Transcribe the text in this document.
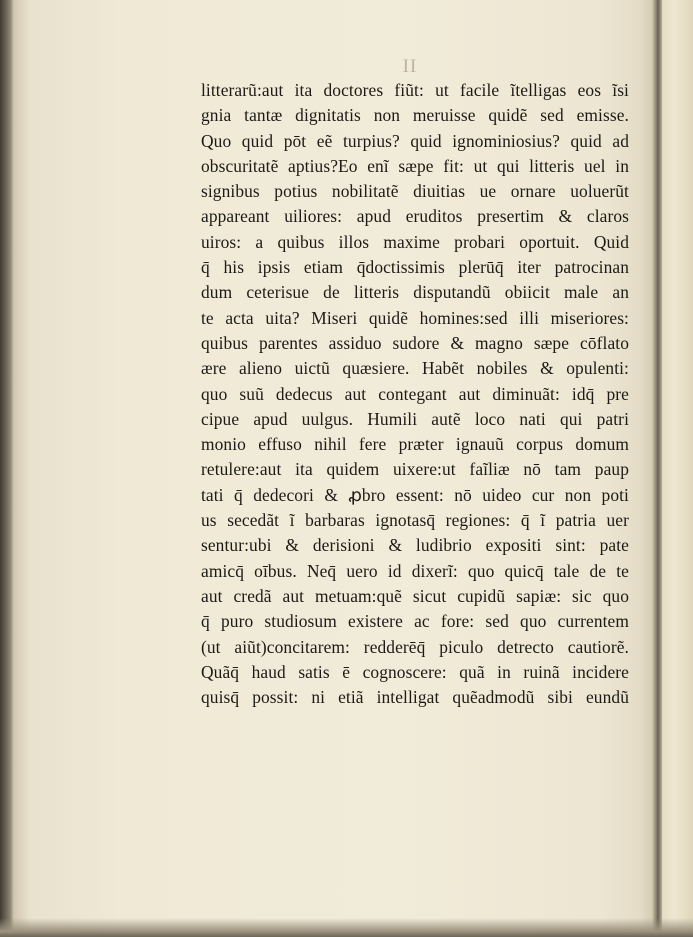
II
litterarũ:aut ita doctores fiũt: ut facile ĩtelligas eos ĩsi
gnia tantæ dignitatis non meruisse quidẽ sed emisse.
Quo quid pōt eẽ turpius? quid ignominiosius? quid ad
obscuritatẽ aptius?Eo enĩ sæpe fit: ut qui litteris uel in
signibus potius nobilitatẽ diuitias ue ornare uoluerũt
appareant uiliores: apud eruditos presertim & claros
uiros: a quibus illos maxime probari oportuit. Quid
q̄ his ipsis etiam q̄doctissimis plerūq̄ iter patrocinan
dum ceterisue de litteris disputandũ obiicit male an
te acta uita? Miseri quidẽ homines:sed illi miseriores:
quibus parentes assiduo sudore & magno sæpe cōflato
ære alieno uictũ quæsiere. Habẽt nobiles & opulenti:
quo suũ dedecus aut contegant aut diminuãt: idq̄ pre
cipue apud uulgus. Humili autẽ loco nati qui patri
monio effuso nihil fere præter ignauũ corpus domum
retulere:aut ita quidem uixere:ut faĩliæ nō tam paup
tati q̄ dedecori & ꝓbro essent: nō uideo cur non poti
us secedãt ĩ barbaras ignotasq̄ regiones: q̄ ĩ patria uer
sentur:ubi & derisioni & ludibrio expositi sint: pate
amicq̄ oībus. Neq̄ uero id dixerĩ: quo quicq̄ tale de te
aut credã aut metuam:quẽ sicut cupidũ sapiæ: sic quo
q̄ puro studiosum existere ac fore: sed quo currentem
(ut aiũt)concitarem: redderēq̄ piculo detrecto cautiorẽ.
Quãq̄ haud satis ē cognoscere: quã in ruinã incidere
quisq̄ possit: ni etiã intelligat quẽadmodũ sibi eundũ
